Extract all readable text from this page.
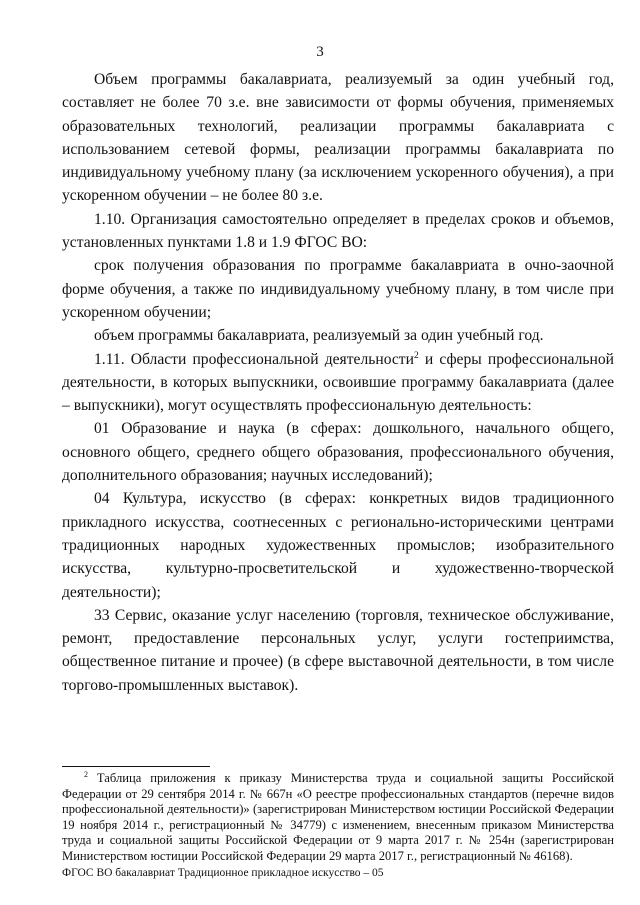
3

Объем программы бакалавриата, реализуемый за один учебный год, составляет не более 70 з.е. вне зависимости от формы обучения, применяемых образовательных технологий, реализации программы бакалавриата с использованием сетевой формы, реализации программы бакалавриата по индивидуальному учебному плану (за исключением ускоренного обучения), а при ускоренном обучении – не более 80 з.е.

1.10. Организация самостоятельно определяет в пределах сроков и объемов, установленных пунктами 1.8 и 1.9 ФГОС ВО:

срок получения образования по программе бакалавриата в очно-заочной форме обучения, а также по индивидуальному учебному плану, в том числе при ускоренном обучении;

объем программы бакалавриата, реализуемый за один учебный год.

1.11. Области профессиональной деятельности$^2$ и сферы профессиональной деятельности, в которых выпускники, освоившие программу бакалавриата (далее – выпускники), могут осуществлять профессиональную деятельность:

01 Образование и наука (в сферах: дошкольного, начального общего, основного общего, среднего общего образования, профессионального обучения, дополнительного образования; научных исследований);

04 Культура, искусство (в сферах: конкретных видов традиционного прикладного искусства, соотнесенных с регионально-историческими центрами традиционных народных художественных промыслов; изобразительного искусства, культурно-просветительской и художественно-творческой деятельности);

33 Сервис, оказание услуг населению (торговля, техническое обслуживание, ремонт, предоставление персональных услуг, услуги гостеприимства, общественное питание и прочее) (в сфере выставочной деятельности, в том числе торгово-промышленных выставок).

$^2$ Таблица приложения к приказу Министерства труда и социальной защиты Российской Федерации от 29 сентября 2014 г. № 667н «О реестре профессиональных стандартов (перечне видов профессиональной деятельности)» (зарегистрирован Министерством юстиции Российской Федерации 19 ноября 2014 г., регистрационный № 34779) с изменением, внесенным приказом Министерства труда и социальной защиты Российской Федерации от 9 марта 2017 г. № 254н (зарегистрирован Министерством юстиции Российской Федерации 29 марта 2017 г., регистрационный № 46168).

ФГОС ВО бакалавриат Традиционное прикладное искусство – 05
